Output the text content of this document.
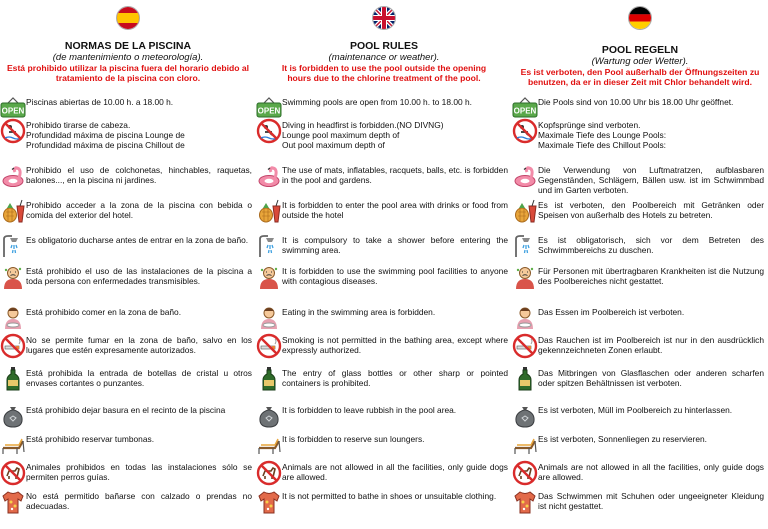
NORMAS DE LA PISCINA
(de mantenimiento o meteorología).
Está prohibido utilizar la piscina fuera del horario debido al tratamiento de la piscina con cloro.
OPEN
Piscinas abiertas de 10.00 h. a 18.00 h.
Prohibido tirarse de cabeza.
Profundidad máxima de piscina Lounge de
Profundidad máxima de piscina Chillout de
Prohibido el uso de colchonetas, hinchables, raquetas, balones..., en la piscina ni jardines.
Prohibido acceder a la zona de la piscina con bebida o comida del exterior del hotel.
Es obligatorio ducharse antes de entrar en la zona de baño.
Está prohibido el uso de las instalaciones de la piscina a toda persona con enfermedades transmisibles.
Está prohibido comer en la zona de baño.
No se permite fumar en la zona de baño, salvo en los lugares que estén expresamente autorizados.
Está prohibida la entrada de botellas de cristal u otros envases cortantes o punzantes.
Está prohibido dejar basura en el recinto de la piscina
Está prohibido reservar tumbonas.
Animales prohibidos en todas las instalaciones sólo se permiten perros guías.
No está permitido bañarse con calzado o prendas no adecuadas.
POOL RULES
(maintenance or weather).
It is forbidden to use the pool outside the opening hours due to the chlorine treatment of the pool.
OPEN
Swimming pools are open from 10.00 h. to 18.00 h.
Diving in headfirst is forbidden.(NO DIVNG)
Lounge pool maximum depth of
Out pool maximum depth of
The use of mats, inflatables, racquets, balls, etc. is forbidden in the pool and gardens.
It is forbidden to enter the pool area with drinks or food from outside the hotel
It is compulsory to take a shower before entering the swimming area.
It is forbidden to use the swimming pool facilities to anyone with contagious diseases.
Eating in the swimming area is forbidden.
Smoking is not permitted in the bathing area, except where expressly authorized.
The entry of glass bottles or other sharp or pointed containers is prohibited.
It is forbidden to leave rubbish in the pool area.
It is forbidden to reserve sun loungers.
Animals are not allowed in all the facilities, only guide dogs are allowed.
It is not permitted to bathe in shoes or unsuitable clothing.
POOL REGELN
(Wartung oder Wetter).
Es ist verboten, den Pool außerhalb der Öffnungszeiten zu benutzen, da er in dieser Zeit mit Chlor behandelt wird.
OPEN
Die Pools sind von 10.00 Uhr bis 18.00 Uhr geöffnet.
Kopfsprünge sind verboten.
Maximale Tiefe des Lounge Pools:
Maximale Tiefe des Chillout Pools:
Die Verwendung von Luftmatratzen, aufblasbaren Gegenständen, Schlägern, Bällen usw. ist im Schwimmbad und im Garten verboten.
Es ist verboten, den Poolbereich mit Getränken oder Speisen von außerhalb des Hotels zu betreten.
Es ist obligatorisch, sich vor dem Betreten des Schwimmbereichs zu duschen.
Für Personen mit übertragbaren Krankheiten ist die Nutzung des Poolbereiches nicht gestattet.
Das Essen im Poolbereich ist verboten.
Das Rauchen ist im Poolbereich ist nur in den ausdrücklich gekennzeichneten Zonen erlaubt.
Das Mitbringen von Glasflaschen oder anderen scharfen oder spitzen Behältnissen ist verboten.
Es ist verboten, Müll im Poolbereich zu hinterlassen.
Es ist verboten, Sonnenliegen zu reservieren.
Animals are not allowed in all the facilities, only guide dogs are allowed.
Das Schwimmen mit Schuhen oder ungeeigneter Kleidung ist nicht gestattet.
